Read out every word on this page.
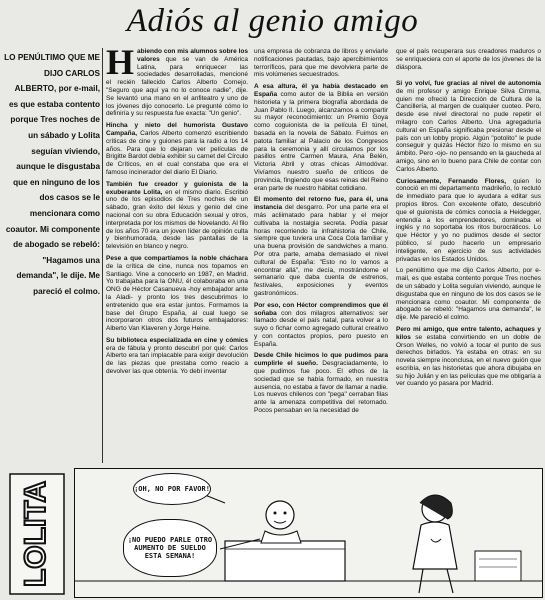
Adiós al genio amigo
LO PENÚLTIMO QUE ME DIJO CARLOS ALBERTO, por e-mail, es que estaba contento porque Tres noches de un sábado y Lolita seguían viviendo, aunque le disgustaba que en ninguno de los dos casos se le mencionara como coautor. Mi componente de abogado se rebeló: "Hagamos una demanda", le dije. Me pareció el colmo.

Habiendo con mis alumnos sobre los valores que se van de América Latina, para enriquecer las sociedades desarrolladas, mencioné el recién fallecido Carlos Alberto Cornejo. "Seguro que aquí ya no lo conoce nadie", dije. Se levantó una mano en el anfiteatro y uno de los jóvenes dijo conocerlo. Le pregunté cómo lo definiría y su respuesta fue exacta: "Un genio".

Hincha y nieto del humorista Gustavo Campaña, Carlos Alberto comenzó escribiendo críticas de cine y guiones para la radio a los 14 años. Para que lo dejaran ver películas de Brigitte Bardot debía exhibir su carnet del Círculo de Críticos, en el cual constaba que era el famoso incinerador del diario El Diario.

También fue creador y guionista de la exuberante Lolita, en el mismo diario. Escribió uno de los episodios de Tres noches de un sábado, gran éxito del léxus y genio del cine nacional con su obra Educación sexual y otros, interpretada por los mismos de Novelando. Al filo de los años 70 era un joven líder de opinión culta y bienhumorada, desde las pantallas de la televisión en blanco y negro.

Pese a que compartíamos la noble cháchara de la crítica de cine, nunca nos topamos en Santiago. Vine a conocerlo en 1987, en Madrid. Yo trabajaba para la ONU, él colaboraba en una ONG de Héctor Casanueva -hoy embajador ante la Aladi- y pronto los tres descubrimos lo entretenido que era estar juntos. Formamos la base del Grupo España, al cual luego se incorporaron otros dos futuros embajadores: Alberto Van Klaveren y Jorge Heine.

Su biblioteca especializada en cine y cómics era de fábula y pronto descubrí por qué: Carlos Alberto era tan implacable para exigir devolución de las piezas que prestaba como reacio a devolver las que obtenía. Yo debí inventar

una empresa de cobranza de libros y enviarle notificaciones pautadas, bajo apercibimientos terroríficos, para que me devolviera parte de mis volúmenes secuestrados.

A esa altura, él ya había destacado en España como autor de la Biblia en versión historieta y la primera biografía abordada de Juan Pablo II. Luego, alcanzamos a compartir su mayor reconocimiento: un Premio Goya como coguionista de la película El túnel, basada en la novela de Sábato. Fuimos en patota familiar al Palacio de los Congresos para la ceremonia y allí circulamos por los pasillos entre Carmen Maura, Ana Belén, Victoria Abril y otras chicas Almodóvar. Vivíamos nuestro sueño de críticos de provincia, fingiendo que esas reinas del Reino eran parte de nuestro hábitat cotidiano.

El momento del retorno fue, para él, una instancia del desgarro. Por una parte era el más acliimatado para hablar y el mejor cultivaba la nostalgia secreta. Podía pasar horas recorriendo la infrahistoria de Chile, siempre que tuviera una Coca Cola familiar y una buena provisión de sandwiches a mano. Por otra parte, amaba demasiado el nivel cultural de España: "Esto no lo vamos a encontrar allá", me decía, mostrándome el semanario que daba cuenta de estrenos, festivales, exposiciones y eventos gastronómicos.

Por eso, con Héctor comprendimos que él soñaba con dos milagros alternativos: ser llamado desde el país natal, para volver a lo suyo o fichar como agregado cultural creativo y con contactos propios, pero puesto en España.

Desde Chile hicimos lo que pudimos para cumplirle el sueño. Desgraciadamente, lo que pudimos fue poco. El ethos de la sociedad que se había formado, en nuestra ausencia, no estaba a favor de llamar a nadie. Los nuevos chilenos con "pega" cerraban filas ante la amenaza competitiva del retornado. Pocos pensaban en la necesidad de

que el país recuperara sus creadores maduros o se enriqueciera con el aporte de los jóvenes de la diáspora.

Si yo volví, fue gracias al nivel de autonomía de mi profesor y amigo Enrique Silva Cimma, quien me ofreció la Dirección de Cultura de la Cancillería, al margen de cualquier cuoteo. Pero, desde ese nivel directoral no pude repetir el milagro con Carlos Alberto. Una agregaduría cultural en España significaba presionar desde el país con un lobby propio. Algún "potolito" le pude conseguir y quizás Héctor hizo lo mismo en su ámbito. Pero -ojo- no pensando en la gaucheda al amigo, sino en lo bueno para Chile de contar con Carlos Alberto.

Curiosamente, Fernando Flores, quien lo conoció en mi departamento madrileño, lo reclutó de inmediato para que lo ayudara a editar sus propios libros. Con excelente olfato, descubrió que el guionista de cómics conocía a Heidegger, entendía a los emprendedores, dominaba el inglés y no soportaba los ritos burocráticos. Lo que Héctor y yo no pudimos desde el sector público, sí pudo hacerlo un empresario inteligente, en ejercicio de sus actividades privadas en los Estados Unidos.

Lo penúltimo que me dijo Carlos Alberto, por e-mail, es que estaba contento porque Tres noches de un sábado y Lolita seguían viviendo, aunque le disgustaba que en ninguno de los dos casos se le mencionara como coautor. Mi componente de abogado se rebeló: "Hagamos una demanda", le dije. Me pareció el colmo.

Pero mi amigo, que entre talento, achaques y kilos se estaba convirtiendo en un doble de Orson Welles, no volvió a tocar el punto de sus derechos birlados. Ya estaba en otras: en su novela siempre inconclusa, en el nuevo guión que escribía, en las historietas que ahora dibujaba en su hijo Julián y en las películas que me obligaría a ver cuando yo pasara por Madrid.

LOLITA	¡OH, NO POR FAVOR!
¡NO PUEDO PARLE OTRO AUMENTO DE SUELDO ESTA SEMANA!
